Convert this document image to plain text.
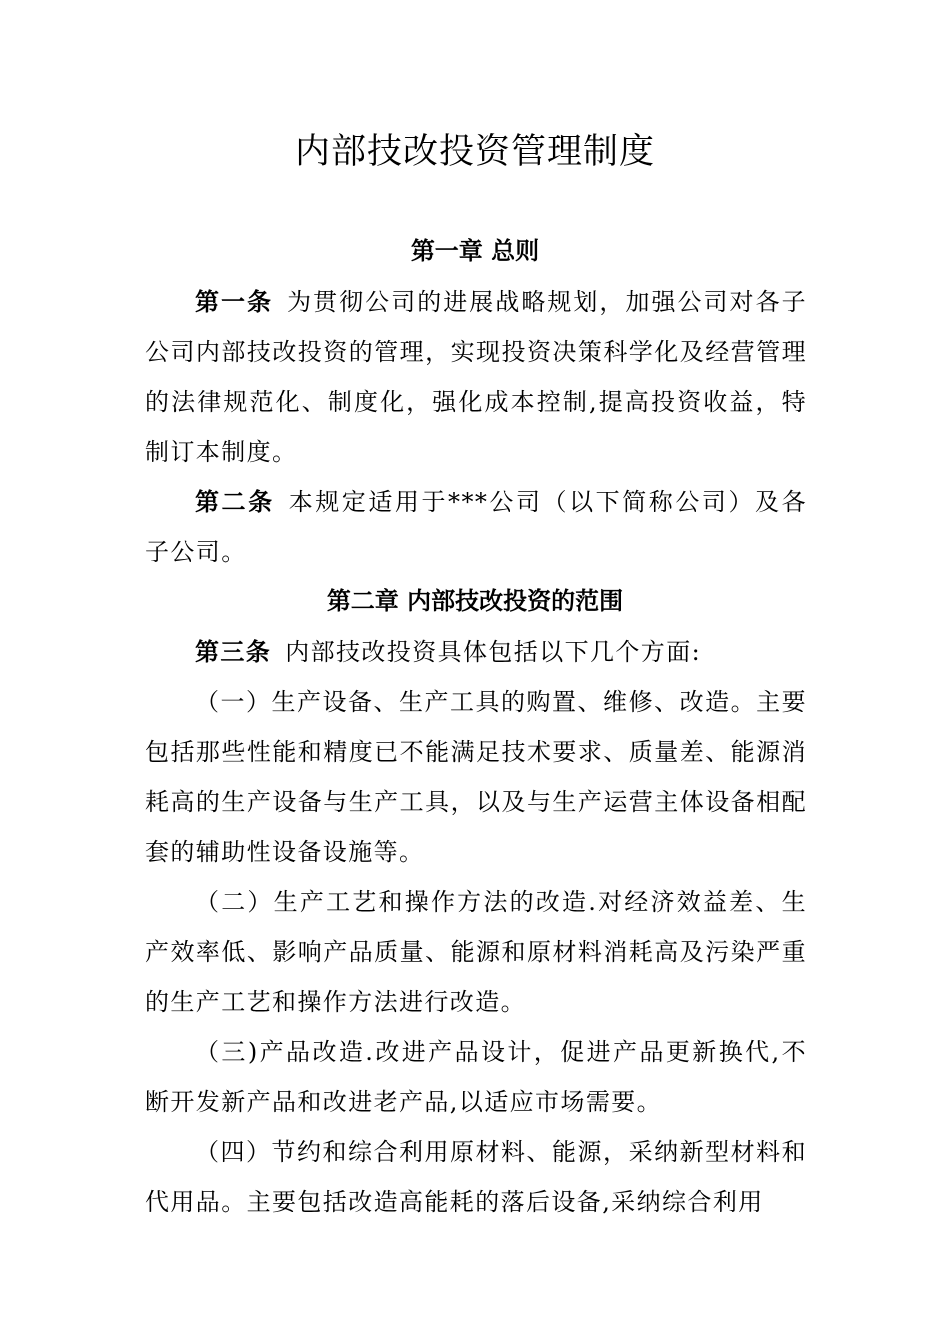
内部技改投资管理制度
第一章 总则
第一条 为贯彻公司的进展战略规划，加强公司对各子公司内部技改投资的管理，实现投资决策科学化及经营管理的法律规范化、制度化，强化成本控制,提高投资收益，特制订本制度。
第二条 本规定适用于***公司（以下简称公司）及各子公司。
第二章 内部技改投资的范围
第三条 内部技改投资具体包括以下几个方面:
（一）生产设备、生产工具的购置、维修、改造。主要包括那些性能和精度已不能满足技术要求、质量差、能源消耗高的生产设备与生产工具，以及与生产运营主体设备相配套的辅助性设备设施等。
（二）生产工艺和操作方法的改造.对经济效益差、生产效率低、影响产品质量、能源和原材料消耗高及污染严重的生产工艺和操作方法进行改造。
（三)产品改造.改进产品设计，促进产品更新换代,不断开发新产品和改进老产品,以适应市场需要。
（四）节约和综合利用原材料、能源，采纳新型材料和代用品。主要包括改造高能耗的落后设备,采纳综合利用
